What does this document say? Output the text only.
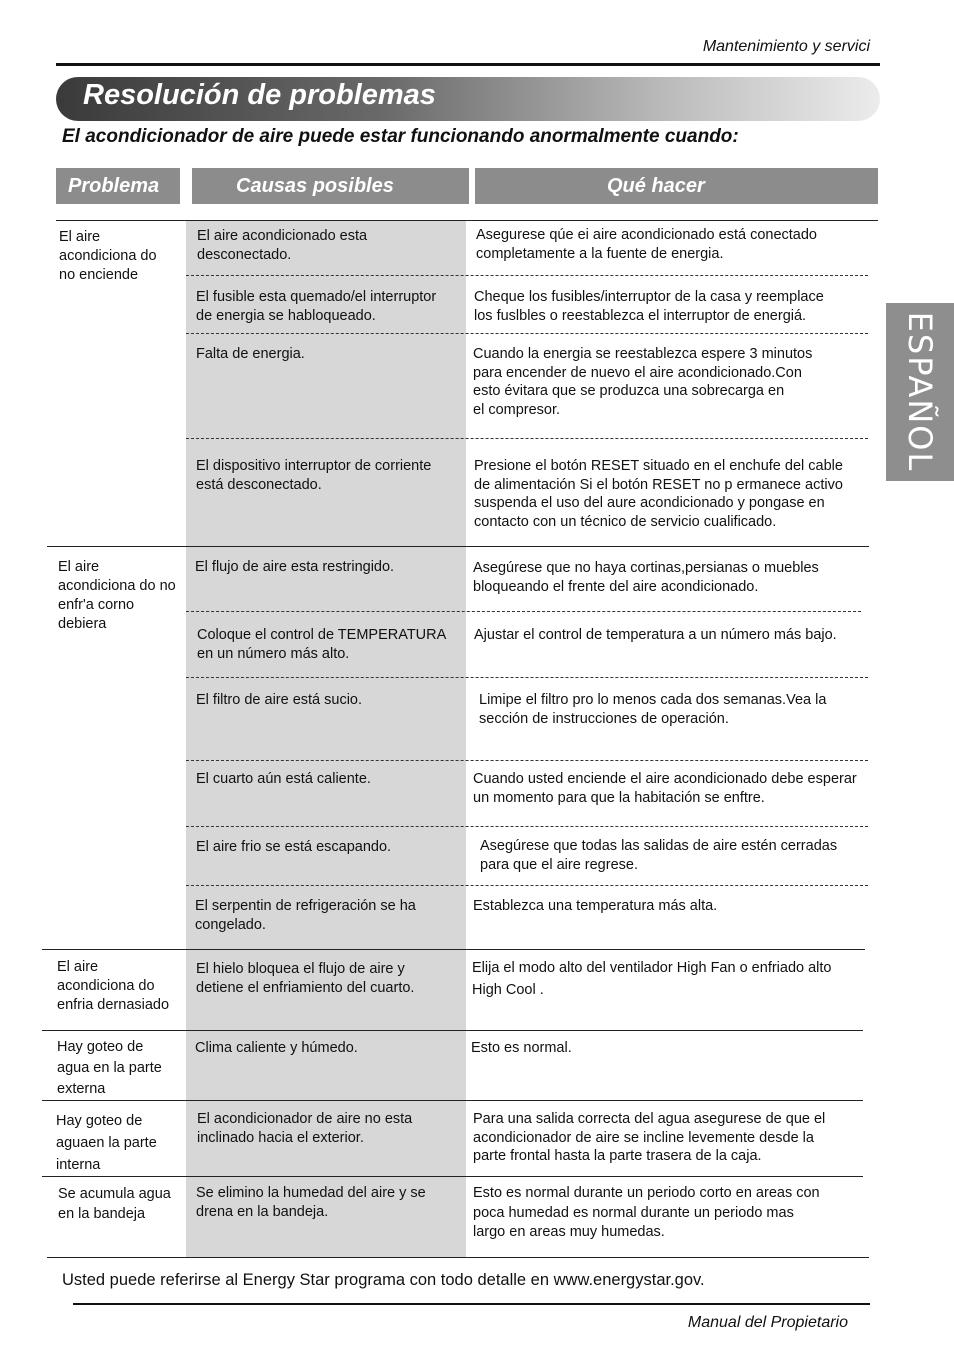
Mantenimiento y servici
Resolución de problemas
El acondicionador de aire puede estar funcionando anormalmente cuando:
Problema	Causas posibles	Qué hacer
ESPAÑOL
El aire
acondiciona do
no enciende
El aire
acondiciona do no
enfr'a corno
debiera
El aire
acondiciona do
enfria dernasiado
Hay goteo de
agua en la parte
externa
Hay goteo de
aguaen la parte
interna
Se acumula agua
en la bandeja
El aire acondicionado esta
desconectado.
El fusible esta quemado/el interruptor
de energia se habloqueado.
Falta de energia.
El dispositivo interruptor de corriente
está desconectado.
El flujo de aire esta restringido.
Coloque el control de TEMPERATURA
en un número más alto.
El filtro de aire está sucio.
El cuarto aún está caliente.
El aire frio se está escapando.
El serpentin de refrigeración se ha
congelado.
El hielo bloquea el flujo de aire y
detiene el enfriamiento del cuarto.
Clima caliente y húmedo.
El acondicionador de aire no esta
inclinado hacia el exterior.
Se elimino la humedad del aire y se
drena en la bandeja.
Asegurese qúe ei aire acondicionado está conectado
completamente a la fuente de energia.
Cheque los fusibles/interruptor de la casa y reemplace
los fuslbles o reestablezca el interruptor de energiá.
Cuando la energia se reestablezca espere 3 minutos
para encender de nuevo el aire acondicionado.Con
esto évitara que se produzca una sobrecarga en
el compresor.
Presione el botón RESET situado en el enchufe del cable
de alimentación Si el botón RESET no p ermanece activo
suspenda el uso del aure acondicionado y pongase en
contacto con un técnico de servicio cualificado.
Asegúrese que no haya cortinas,persianas o muebles
bloqueando el frente del aire acondicionado.
Ajustar el control de temperatura a un número más bajo.
Limipe el filtro pro lo menos cada dos semanas.Vea la
sección de instrucciones de operación.
Cuando usted enciende el aire acondicionado debe esperar
un momento para que la habitación se enftre.
Asegúrese que todas las salidas de aire estén cerradas
para que el aire regrese.
Establezca una temperatura más alta.
Elija el modo alto del ventilador High Fan o enfriado alto
High Cool .
Esto es normal.
Para una salida correcta del agua asegurese de que el
acondicionador de aire se incline levemente desde la
parte frontal hasta la parte trasera de la caja.
Esto es normal durante un periodo corto en areas con
poca humedad es normal durante un periodo mas
largo en areas muy humedas.
Usted puede referirse al Energy Star programa con todo detalle en www.energystar.gov.
Manual del Propietario
